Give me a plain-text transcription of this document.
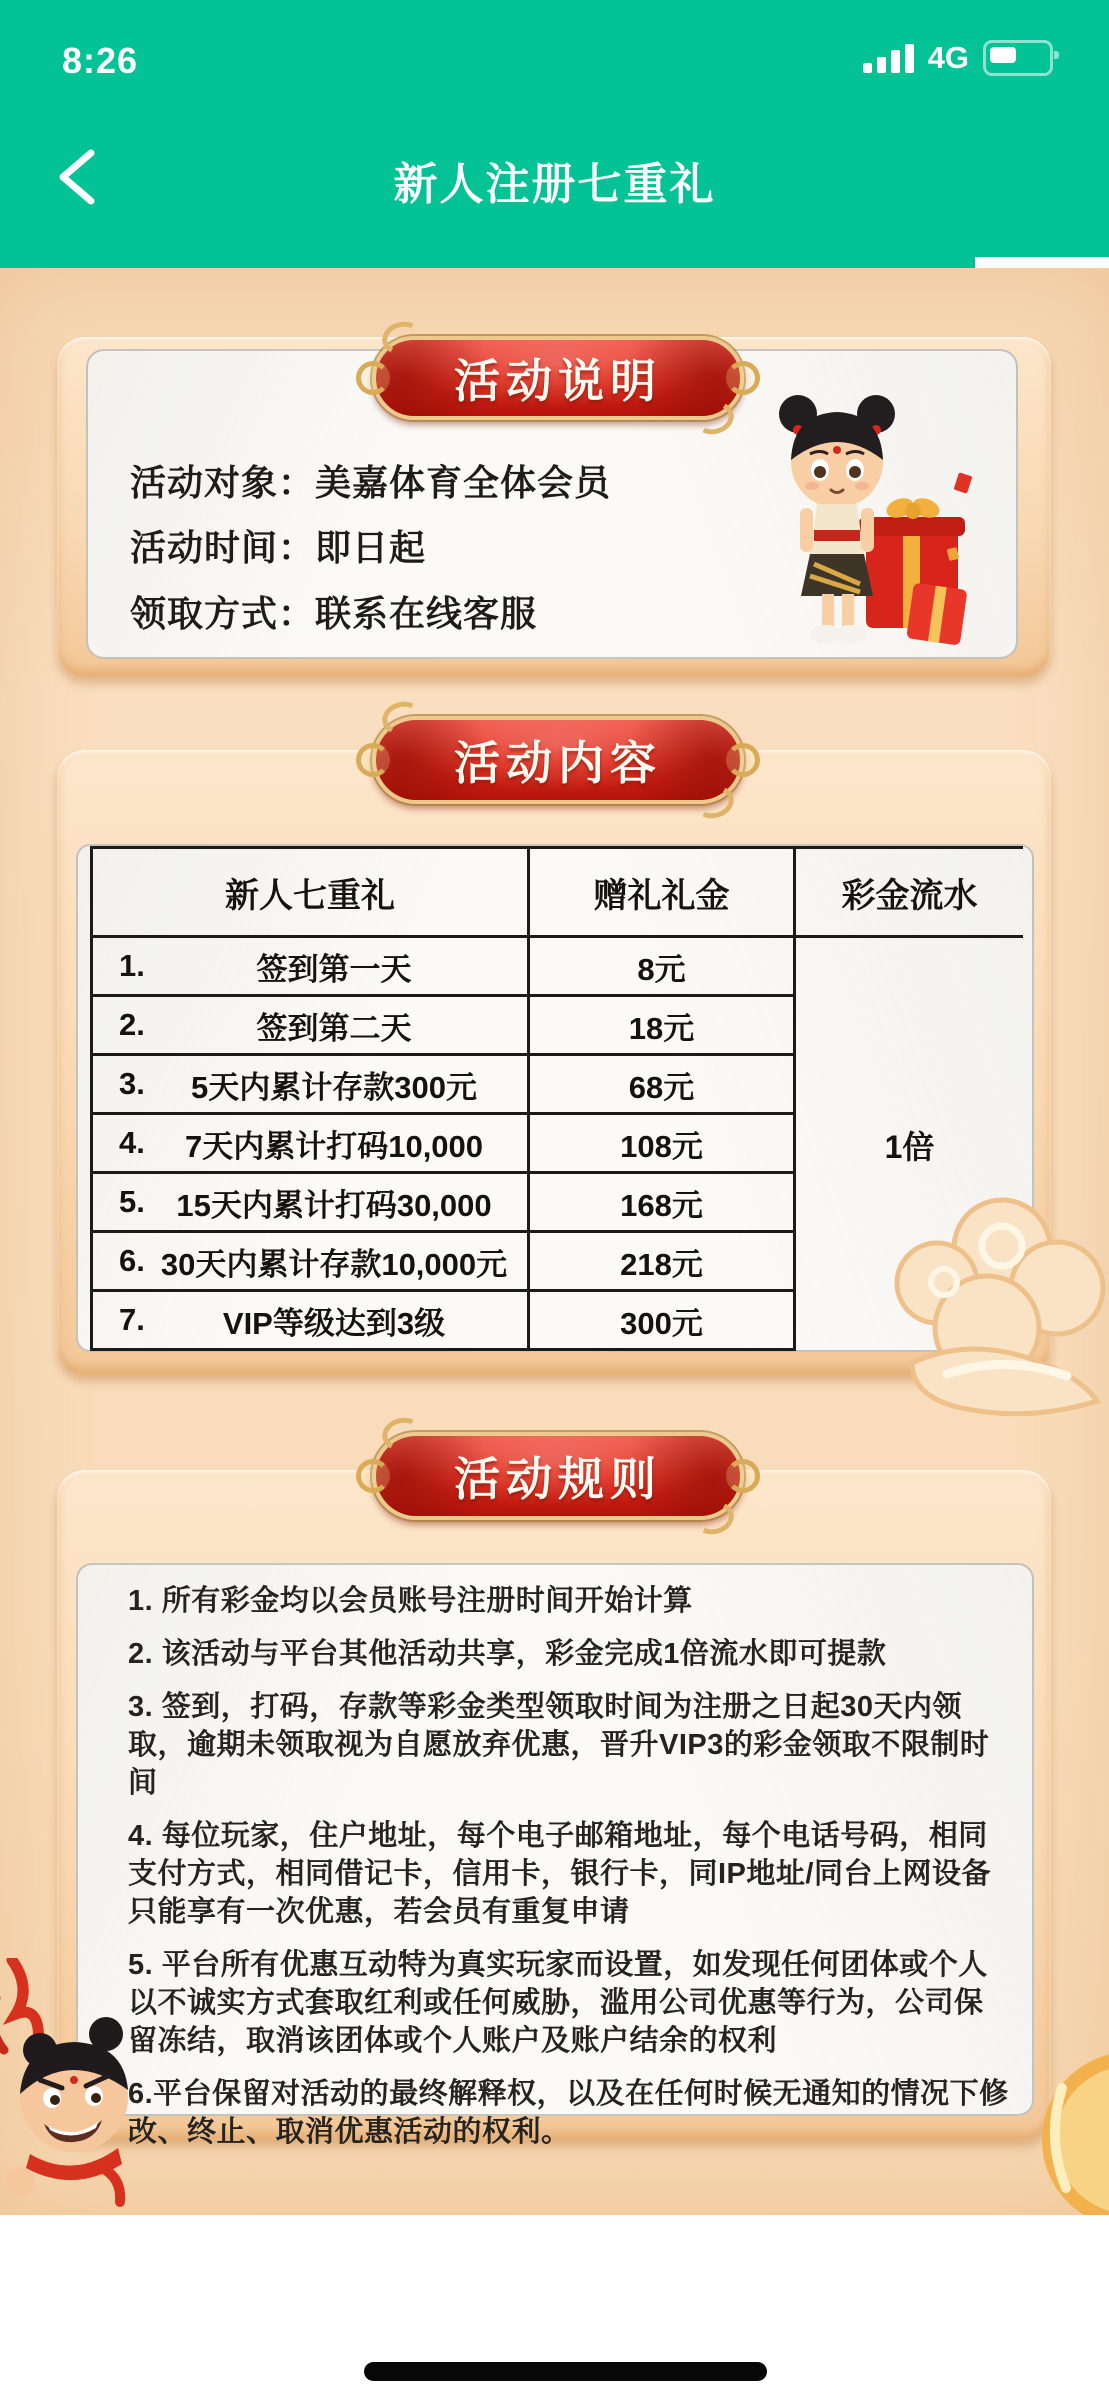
8:26	4G
新人注册七重礼
活动对象：美嘉体育全体会员
活动时间：即日起
领取方式：联系在线客服
活动说明
活动内容
新人七重礼	赠礼礼金	彩金流水
1.	签到第一天	8元
2.	签到第二天	18元
3. 5天内累计存款300元	68元
4. 7天内累计打码10,000	108元
5. 15天内累计打码30,000	168元
6. 30天内累计存款10,000元	218元
7.	VIP等级达到3级	300元
1倍
活动规则

1. 所有彩金均以会员账号注册时间开始计算

2. 该活动与平台其他活动共享，彩金完成1倍流水即可提款

3. 签到，打码，存款等彩金类型领取时间为注册之日起30天内领取，逾期未领取视为自愿放弃优惠，晋升VIP3的彩金领取不限制时间

4. 每位玩家，住户地址，每个电子邮箱地址，每个电话号码，相同支付方式，相同借记卡，信用卡，银行卡，同IP地址/同台上网设备只能享有一次优惠，若会员有重复申请

5. 平台所有优惠互动特为真实玩家而设置，如发现任何团体或个人以不诚实方式套取红利或任何威胁，滥用公司优惠等行为，公司保留冻结，取消该团体或个人账户及账户结余的权利

6.平台保留对活动的最终解释权，以及在任何时候无通知的情况下修改、终止、取消优惠活动的权利。
